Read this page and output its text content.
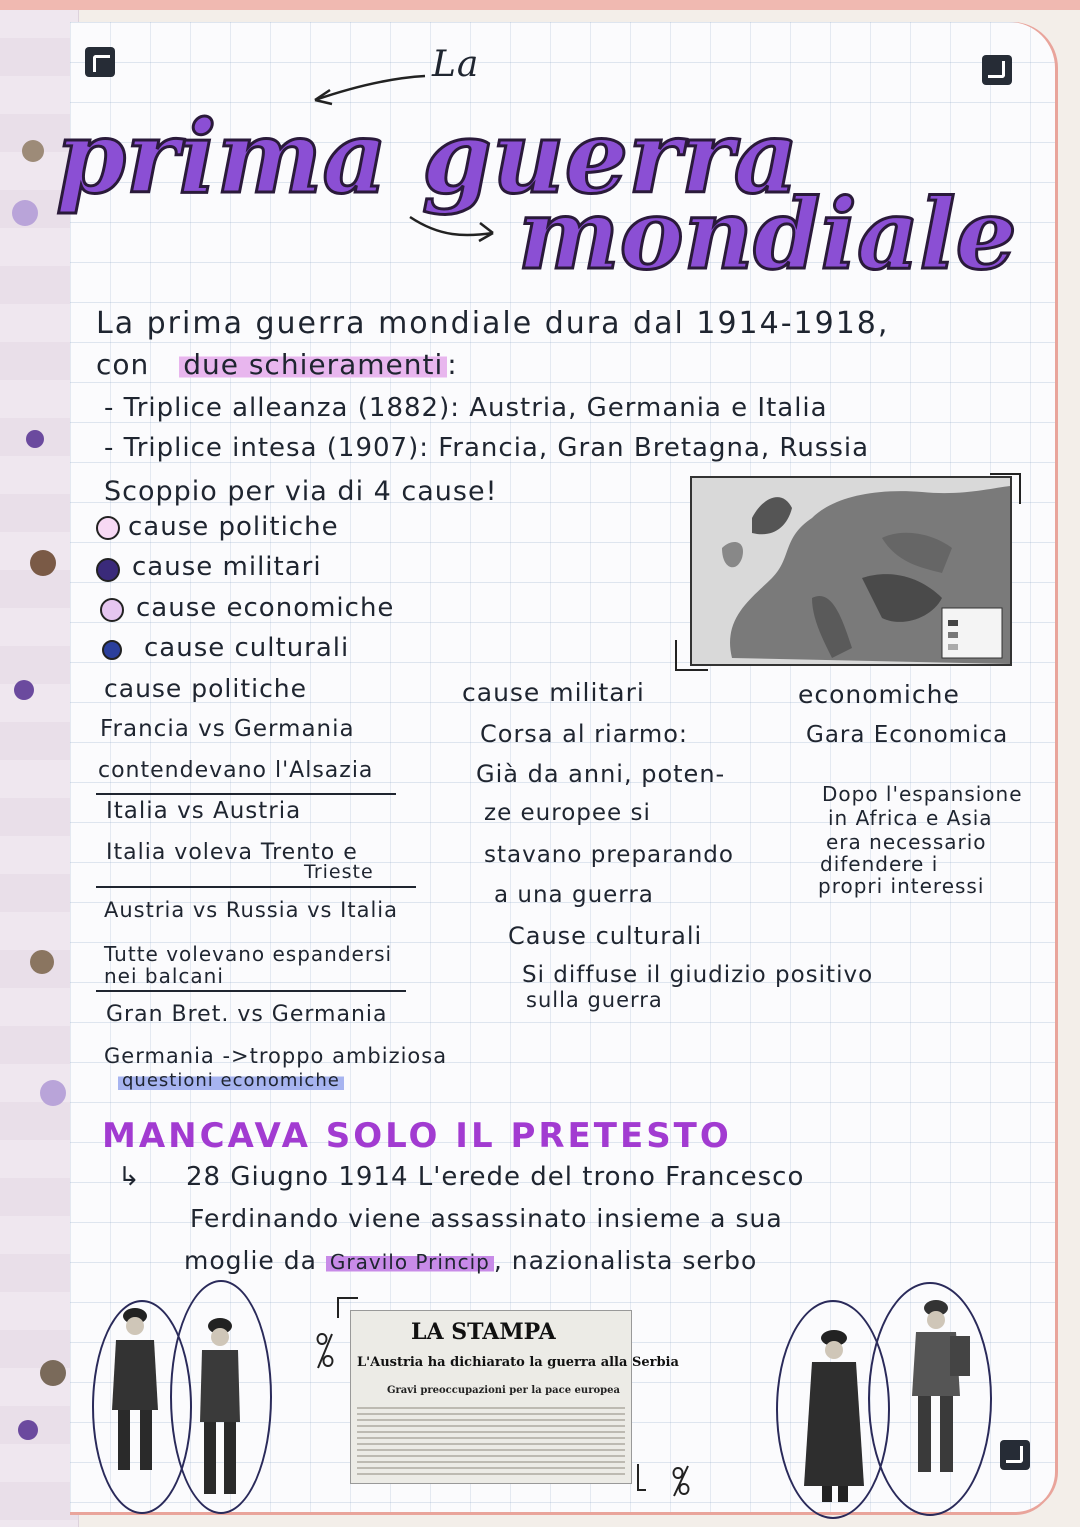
La
prima guerra
mondiale
La prima guerra mondiale dura dal 1914-1918,
con due schieramenti :
- Triplice alleanza (1882): Austria, Germania e Italia
- Triplice intesa (1907): Francia, Gran Bretagna, Russia
Scoppio per via di 4 cause!
cause politiche
cause militari
cause economiche
cause culturali
cause politiche
Francia vs Germania
contendevano l'Alsazia
Italia vs Austria
Italia voleva Trento e
Trieste
Austria vs Russia vs Italia
Tutte volevano espandersi
nei balcani
Gran Bret. vs Germania
Germania ->troppo ambiziosa
questioni economiche
cause militari
Corsa al riarmo:
Già da anni, poten-
ze europee si
stavano preparando
a una guerra
economiche
Gara Economica
Dopo l'espansione
in Africa e Asia
era necessario
difendere i
propri interessi
Cause culturali
Si diffuse il giudizio positivo
sulla guerra
MANCAVA SOLO IL PRETESTO
↳ 28 Giugno 1914 L'erede del trono Francesco
Ferdinando viene assassinato insieme a sua
moglie da Gravilo Princip , nazionalista serbo
LA STAMPA
L'Austria ha dichiarato la guerra alla Serbia
Gravi preoccupazioni per la pace europea
